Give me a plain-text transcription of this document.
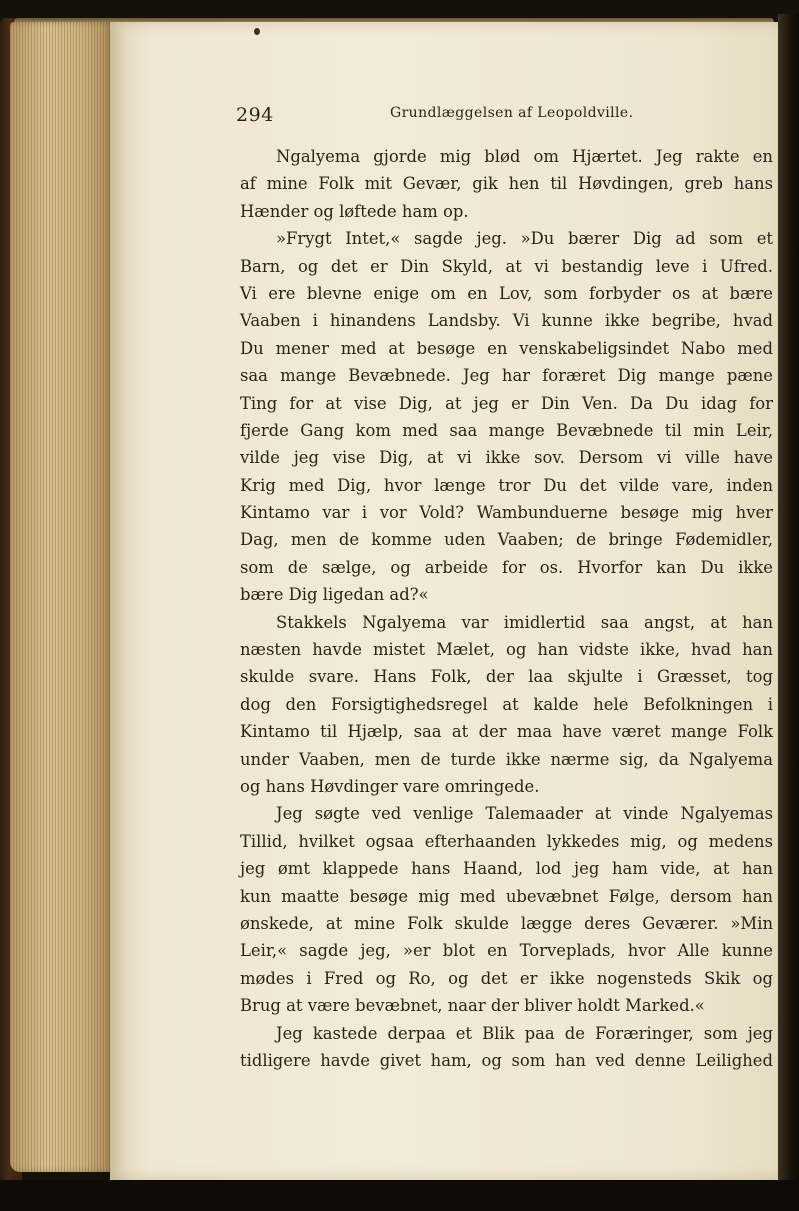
294	Grundlæggelsen af Leopoldville.
Ngalyema gjorde mig blød om Hjærtet. Jeg rakte en
af mine Folk mit Gevær, gik hen til Høvdingen, greb hans
Hænder og løftede ham op.
»Frygt Intet,« sagde jeg. »Du bærer Dig ad som et
Barn, og det er Din Skyld, at vi bestandig leve i Ufred.
Vi ere blevne enige om en Lov, som forbyder os at bære
Vaaben i hinandens Landsby. Vi kunne ikke begribe, hvad
Du mener med at besøge en venskabeligsindet Nabo med
saa mange Bevæbnede. Jeg har foræret Dig mange pæne
Ting for at vise Dig, at jeg er Din Ven. Da Du idag for
fjerde Gang kom med saa mange Bevæbnede til min Leir,
vilde jeg vise Dig, at vi ikke sov. Dersom vi ville have
Krig med Dig, hvor længe tror Du det vilde vare, inden
Kintamo var i vor Vold? Wambunduerne besøge mig hver
Dag, men de komme uden Vaaben; de bringe Fødemidler,
som de sælge, og arbeide for os. Hvorfor kan Du ikke
bære Dig ligedan ad?«
Stakkels Ngalyema var imidlertid saa angst, at han
næsten havde mistet Mælet, og han vidste ikke, hvad han
skulde svare. Hans Folk, der laa skjulte i Græsset, tog
dog den Forsigtighedsregel at kalde hele Befolkningen i
Kintamo til Hjælp, saa at der maa have været mange Folk
under Vaaben, men de turde ikke nærme sig, da Ngalyema
og hans Høvdinger vare omringede.
Jeg søgte ved venlige Talemaader at vinde Ngalyemas
Tillid, hvilket ogsaa efterhaanden lykkedes mig, og medens
jeg ømt klappede hans Haand, lod jeg ham vide, at han
kun maatte besøge mig med ubevæbnet Følge, dersom han
ønskede, at mine Folk skulde lægge deres Geværer. »Min
Leir,« sagde jeg, »er blot en Torveplads, hvor Alle kunne
mødes i Fred og Ro, og det er ikke nogensteds Skik og
Brug at være bevæbnet, naar der bliver holdt Marked.«
Jeg kastede derpaa et Blik paa de Foræringer, som jeg
tidligere havde givet ham, og som han ved denne Leilighed
